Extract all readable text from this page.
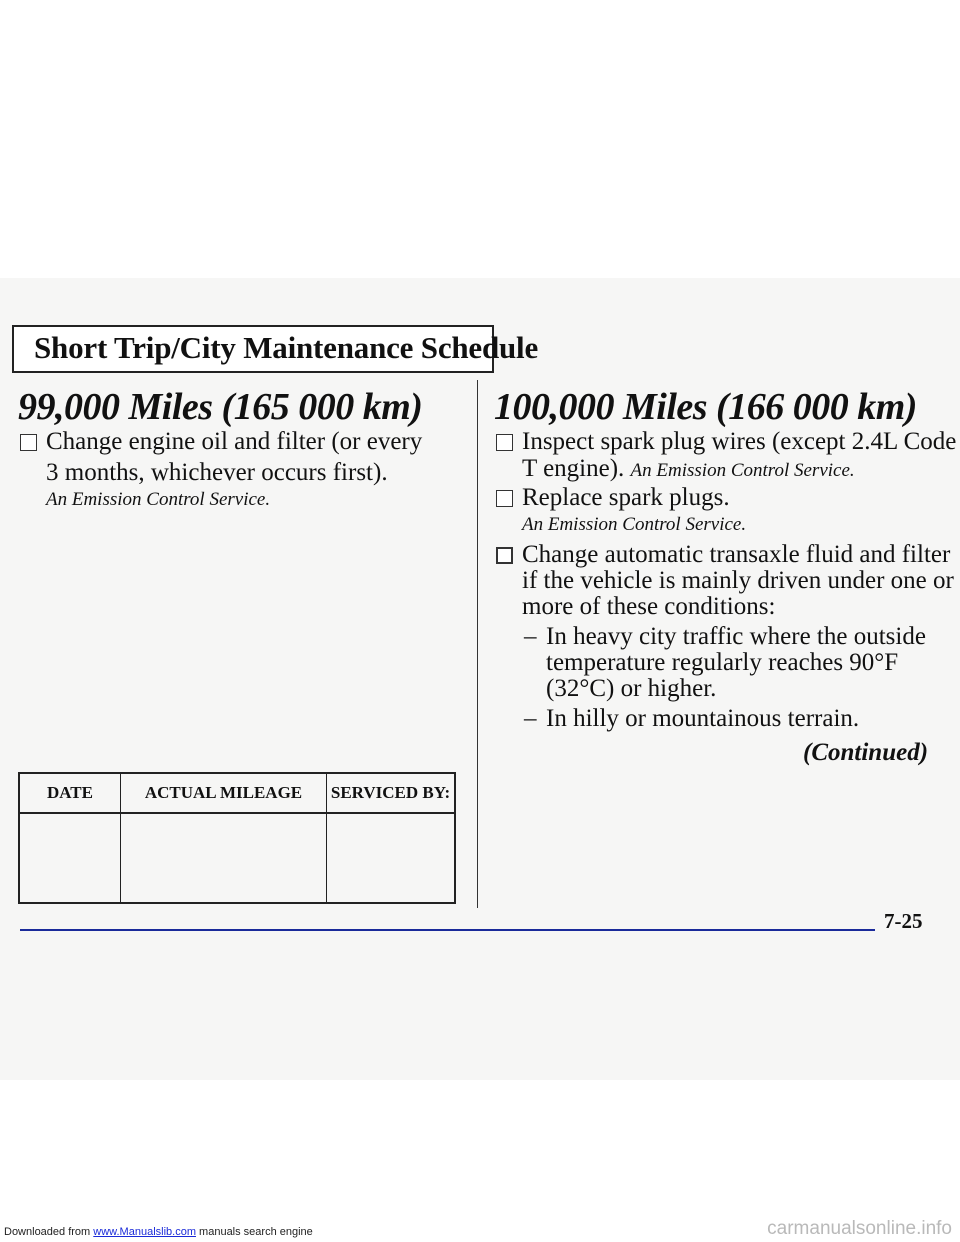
Short Trip/City Maintenance Schedule
99,000 Miles (165 000 km)
Change engine oil and filter (or every
3 months, whichever occurs first).
An Emission Control Service.
DATE	ACTUAL MILEAGE	SERVICED BY:

100,000 Miles (166 000 km)
Inspect spark plug wires (except 2.4L Code
T engine). An Emission Control Service.
Replace spark plugs.
An Emission Control Service.
Change automatic transaxle fluid and filter
if the vehicle is mainly driven under one or
more of these conditions:
– In heavy city traffic where the outside
temperature regularly reaches 90°F
(32°C) or higher.
– In hilly or mountainous terrain.
(Continued)
7-25
Downloaded from www.Manualslib.com manuals search engine	carmanualsonline.info
